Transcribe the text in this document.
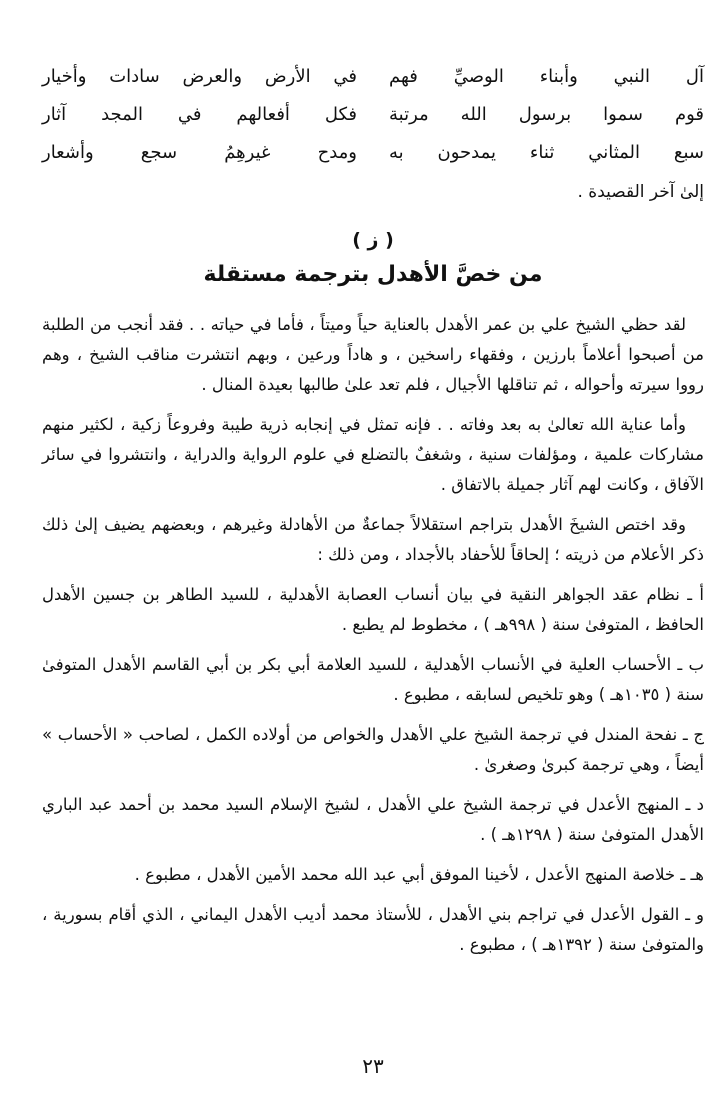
آل النبي وأبناء الوصيِّ فهم
في الأرض والعرض سادات وأخيار
قوم سموا برسول الله مرتبة
فكل أفعالهم في المجد آثار
سبع المثاني ثناء يمدحون به
ومدح غيرهِمُ سجع وأشعار
إلىٰ آخر القصيدة .
( ز )
من خصَّ الأهدل بترجمة مستقلة

لقد حظي الشيخ علي بن عمر الأهدل بالعناية حياً وميتاً ، فأما في حياته . . فقد أنجب من الطلبة من أصبحوا أعلاماً بارزين ، وفقهاء راسخين ، و هاداً ورعين ، وبهم انتشرت مناقب الشيخ ، وهم رووا سيرته وأحواله ، ثم تناقلها الأجيال ، فلم تعد علىٰ طالبها بعيدة المنال .

وأما عناية الله تعالىٰ به بعد وفاته . . فإنه تمثل في إنجابه ذرية طيبة وفروعاً زكية ، لكثير منهم مشاركات علمية ، ومؤلفات سنية ، وشغفٌ بالتضلع في علوم الرواية والدراية ، وانتشروا في سائر الآفاق ، وكانت لهم آثار جميلة بالاتفاق .

وقد اختص الشيخَ الأهدل بتراجم استقلالاً جماعةٌ من الأهادلة وغيرهم ، وبعضهم يضيف إلىٰ ذلك ذكر الأعلام من ذريته ؛ إلحاقاً للأحفاد بالأجداد ، ومن ذلك :

أ ـ نظام عقد الجواهر النقية في بيان أنساب العصابة الأهدلية ، للسيد الطاهر بن جسين الأهدل الحافظ ، المتوفىٰ سنة ( ٩٩٨هـ ) ، مخطوط لم يطبع .

ب ـ الأحساب العلية في الأنساب الأهدلية ، للسيد العلامة أبي بكر بن أبي القاسم الأهدل المتوفىٰ سنة ( ١٠٣٥هـ ) وهو تلخيص لسابقه ، مطبوع .

ج ـ نفحة المندل في ترجمة الشيخ علي الأهدل والخواص من أولاده الكمل ، لصاحب « الأحساب » أيضاً ، وهي ترجمة كبرىٰ وصغرىٰ .

د ـ المنهج الأعدل في ترجمة الشيخ علي الأهدل ، لشيخ الإسلام السيد محمد بن أحمد عبد الباري الأهدل المتوفىٰ سنة ( ١٢٩٨هـ ) .

هـ ـ خلاصة المنهج الأعدل ، لأخينا الموفق أبي عبد الله محمد الأمين الأهدل ، مطبوع .

و ـ القول الأعدل في تراجم بني الأهدل ، للأستاذ محمد أديب الأهدل اليماني ، الذي أقام بسورية ، والمتوفىٰ سنة ( ١٣٩٢هـ ) ، مطبوع .

٢٣
